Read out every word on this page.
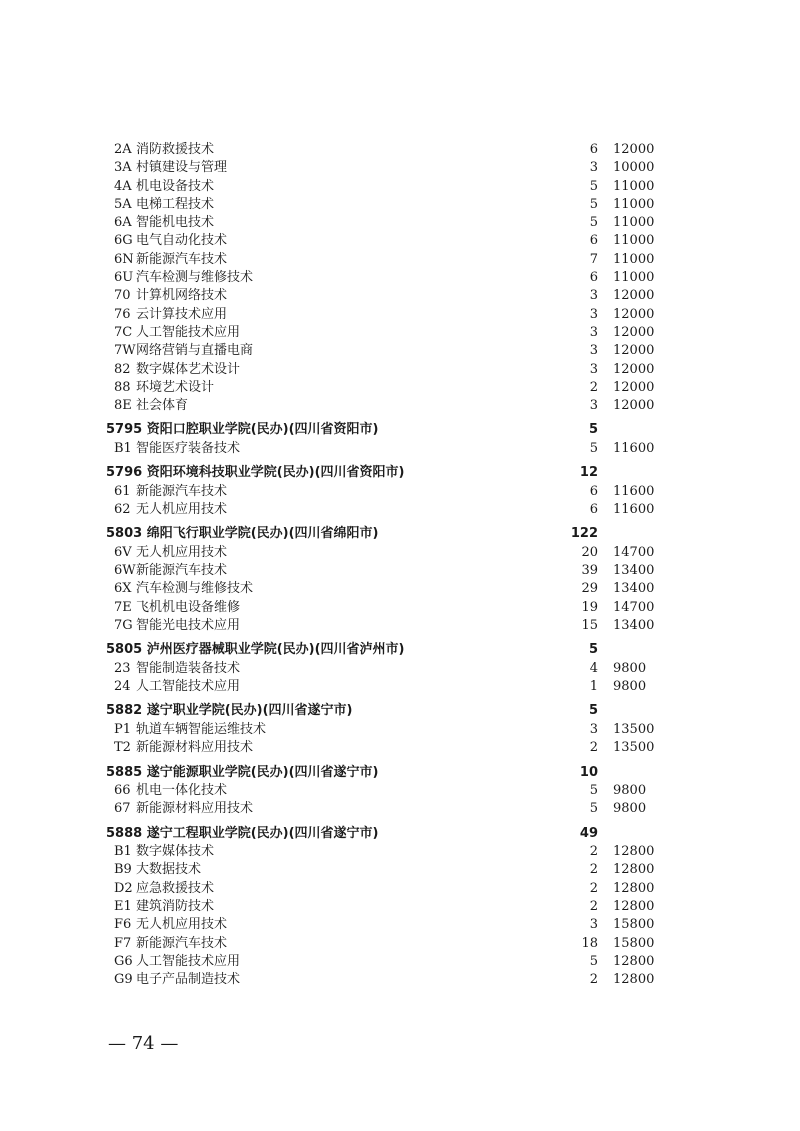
2A 消防救援技术	6 12000
3A 村镇建设与管理	3 10000
4A 机电设备技术	5 11000
5A 电梯工程技术	5 11000
6A 智能机电技术	5 11000
6G 电气自动化技术	6 11000
6N 新能源汽车技术	7 11000
6U 汽车检测与维修技术	6 11000
70 计算机网络技术	3 12000
76 云计算技术应用	3 12000
7C 人工智能技术应用	3 12000
7W 网络营销与直播电商	3 12000
82 数字媒体艺术设计	3 12000
88 环境艺术设计	2 12000
8E 社会体育	3 12000
5795 资阳口腔职业学院(民办)(四川省资阳市)	5
B1 智能医疗装备技术	5 11600
5796 资阳环境科技职业学院(民办)(四川省资阳市)	12
61 新能源汽车技术	6 11600
62 无人机应用技术	6 11600
5803 绵阳飞行职业学院(民办)(四川省绵阳市)	122
6V 无人机应用技术	20 14700
6W 新能源汽车技术	39 13400
6X 汽车检测与维修技术	29 13400
7E 飞机机电设备维修	19 14700
7G 智能光电技术应用	15 13400
5805 泸州医疗器械职业学院(民办)(四川省泸州市)	5
23 智能制造装备技术	4 9800
24 人工智能技术应用	1 9800
5882 遂宁职业学院(民办)(四川省遂宁市)	5
P1 轨道车辆智能运维技术	3 13500
T2 新能源材料应用技术	2 13500
5885 遂宁能源职业学院(民办)(四川省遂宁市)	10
66 机电一体化技术	5 9800
67 新能源材料应用技术	5 9800
5888 遂宁工程职业学院(民办)(四川省遂宁市)	49
B1 数字媒体技术	2 12800
B9 大数据技术	2 12800
D2 应急救援技术	2 12800
E1 建筑消防技术	2 12800
F6 无人机应用技术	3 15800
F7 新能源汽车技术	18 15800
G6 人工智能技术应用	5 12800
G9 电子产品制造技术	2 12800
— 74 —
